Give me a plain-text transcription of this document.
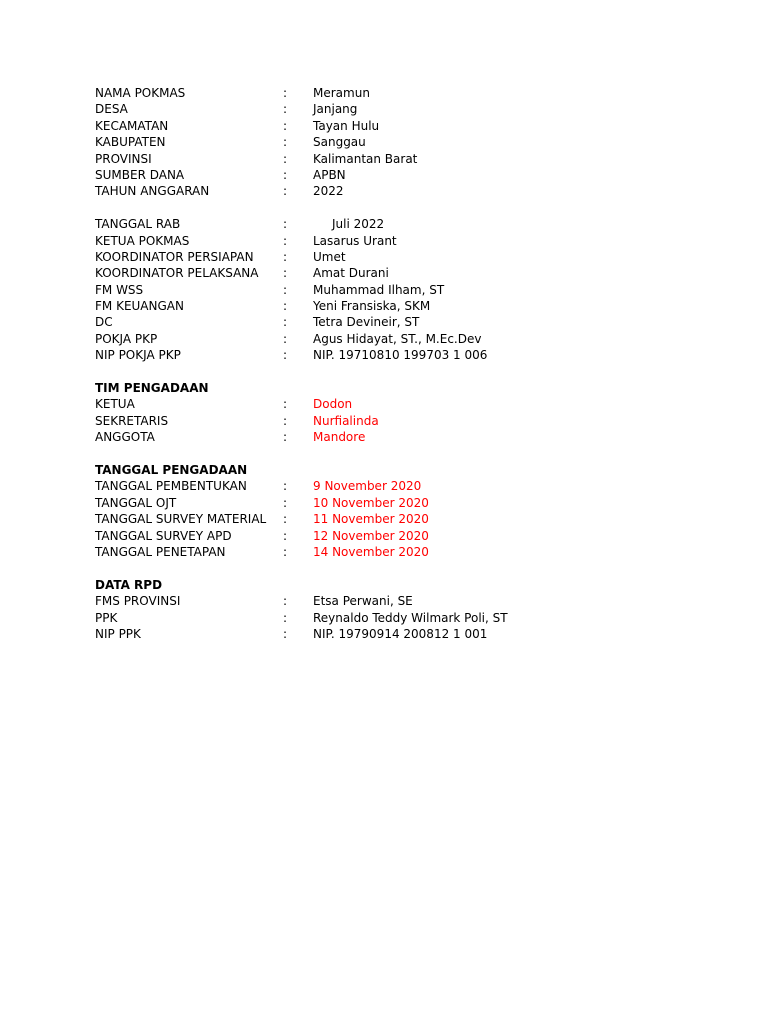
NAMA POKMAS	: Meramun
DESA	: Janjang
KECAMATAN	: Tayan Hulu
KABUPATEN	: Sanggau
PROVINSI	: Kalimantan Barat
SUMBER DANA	: APBN
TAHUN ANGGARAN	: 2022
TANGGAL RAB	:	Juli 2022
KETUA POKMAS	: Lasarus Urant
KOORDINATOR PERSIAPAN : Umet
KOORDINATOR PELAKSANA : Amat Durani
FM WSS	: Muhammad Ilham, ST
FM KEUANGAN	: Yeni Fransiska, SKM
DC	: Tetra Devineir, ST
POKJA PKP	: Agus Hidayat, ST., M.Ec.Dev
NIP POKJA PKP	: NIP. 19710810 199703 1 006
TIM PENGADAAN
KETUA	: Dodon
SEKRETARIS	: Nurfialinda
ANGGOTA	: Mandore
TANGGAL PENGADAAN
TANGGAL PEMBENTUKAN	: 9 November 2020
TANGGAL OJT	: 10 November 2020
TANGGAL SURVEY MATERIAL : 11 November 2020
TANGGAL SURVEY APD	: 12 November 2020
TANGGAL PENETAPAN	: 14 November 2020
DATA RPD
FMS PROVINSI	: Etsa Perwani, SE
PPK	: Reynaldo Teddy Wilmark Poli, ST
NIP PPK	: NIP. 19790914 200812 1 001
